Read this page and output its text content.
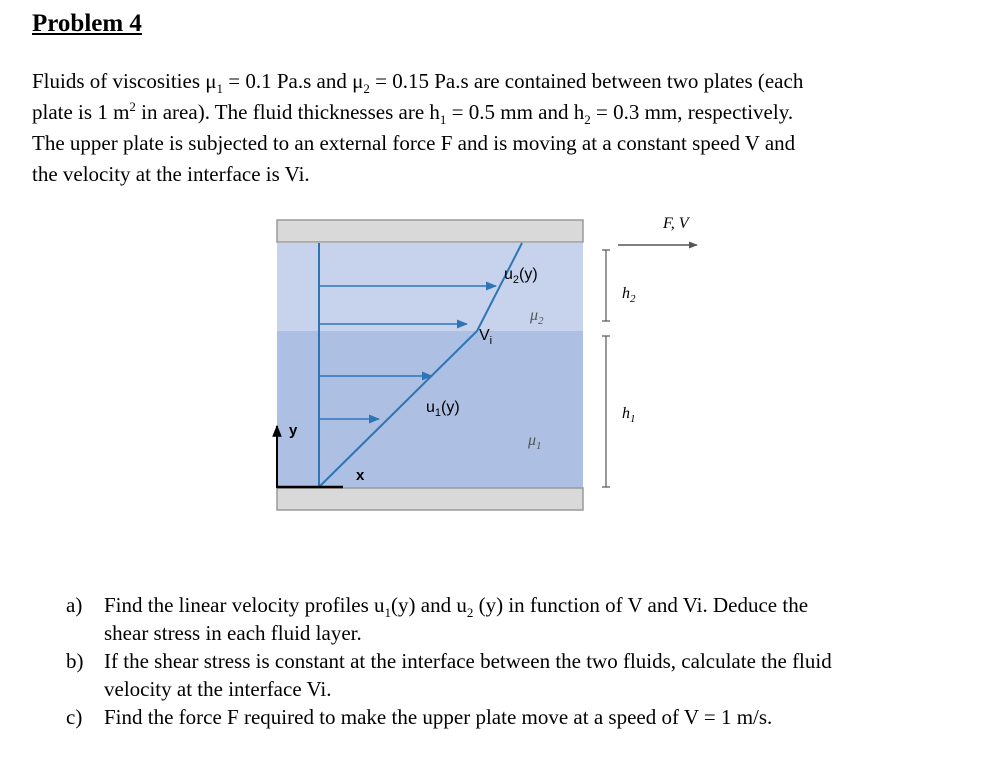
Problem 4

Fluids of viscosities $\mu_1 = 0.1$ Pa.s and $\mu_2 = 0.15$ Pa.s are contained between two plates (each

plate is 1 $m^2$ in area). The fluid thicknesses are $h_1 = 0.5$ mm and $h_2 = 0.3$ mm, respectively.

The upper plate is subjected to an external force F and is moving at a constant speed V and

the velocity at the interface is Vi.

F, V
$u_2(y)$
$\mu_2$
$V_i$
$u_1(y)$
$\mu_1$
$h_2$
$h_1$
y
x
a)	Find the linear velocity profiles $u_1(y)$ and $u_2$ (y) in function of V and Vi. Deduce the
shear stress in each fluid layer.
b) If the shear stress is constant at the interface between the two fluids, calculate the fluid
velocity at the interface Vi.
c)	Find the force F required to make the upper plate move at a speed of V = 1 m/s.
